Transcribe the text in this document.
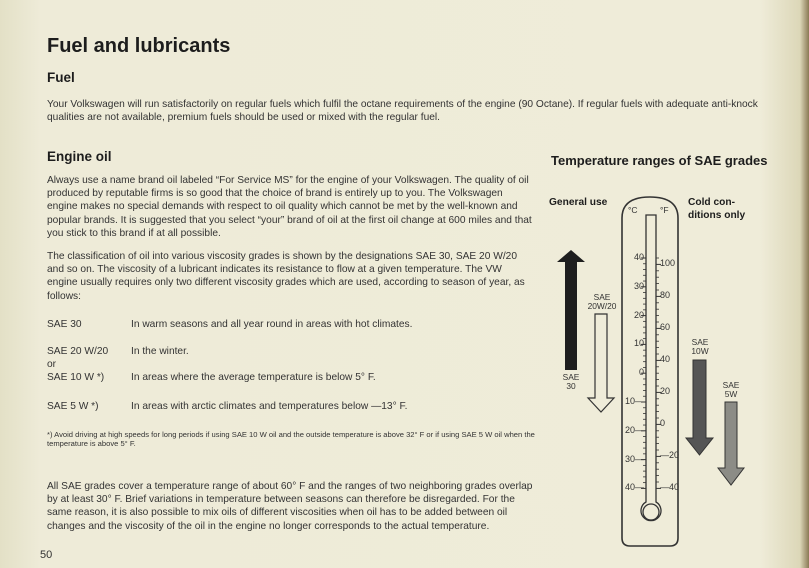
Fuel and lubricants
Fuel

Your Volkswagen will run satisfactorily on regular fuels which fulfil the octane requirements of the engine (90 Octane). If regular fuels with adequate anti-knock qualities are not available, premium fuels should be used or mixed with the regular fuel.

Engine oil

Always use a name brand oil labeled “For Service MS” for the engine of your Volkswagen. The quality of oil produced by reputable firms is so good that the choice of brand is entirely up to you. The Volkswagen engine makes no special demands with respect to oil quality which cannot be met by the well-known and popular brands. It is suggested that you select “your” brand of oil at the first oil change at 600 miles and that you stick to this brand if at all possible.

The classification of oil into various viscosity grades is shown by the designations SAE 30, SAE 20 W/20 and so on. The viscosity of a lubricant indicates its resistance to flow at a given temperature. The VW engine usually requires only two different viscosity grades which are used, according to season of year, as follows:

SAE 30	In warm seasons and all year round in areas with hot climates.
SAE 20 W/20 In the winter.
or
SAE 10 W *)	In areas where the average temperature is below 5° F.
SAE 5 W *)	In areas with arctic climates and temperatures below —13° F.
*) Avoid driving at high speeds for long periods if using SAE 10 W oil and the outside temperature is above 32° F or if using SAE 5 W oil when the temperature is above 5° F.

All SAE grades cover a temperature range of about 60° F and the ranges of two neighboring grades overlap by at least 30° F. Brief variations in temperature between seasons can therefore be disregarded. For the same reason, it is also possible to mix oils of different viscosities when oil has to be added between oil changes and the viscosity of the oil in the engine no longer corresponds to the actual temperature.

50
Temperature ranges of SAE grades
General use	Cold con-
ditions only
°C	°F
40
30
20
10
0
10—
20—
30—
40—
100
80
60
40
20
0
—20
—40
SAE
30
SAE
20W/20
SAE
10W
SAE
5W
